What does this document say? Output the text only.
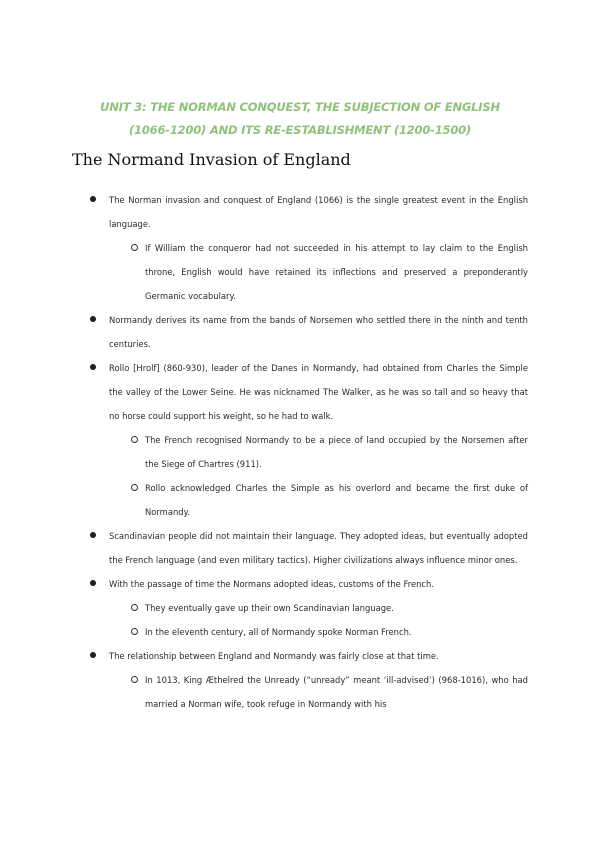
UNIT 3: THE NORMAN CONQUEST, THE SUBJECTION OF ENGLISH
(1066-1200) AND ITS RE-ESTABLISHMENT (1200-1500)
The Normand Invasion of England
The Norman invasion and conquest of England (1066) is the single greatest event in the English language.
If William the conqueror had not succeeded in his attempt to lay claim to the English throne, English would have retained its inflections and preserved a preponderantly Germanic vocabulary.
Normandy derives its name from the bands of Norsemen who settled there in the ninth and tenth centuries.
Rollo [Hrolf] (860-930), leader of the Danes in Normandy, had obtained from Charles the Simple the valley of the Lower Seine. He was nicknamed The Walker, as he was so tall and so heavy that no horse could support his weight, so he had to walk.
The French recognised Normandy to be a piece of land occupied by the Norsemen after the Siege of Chartres (911).
Rollo acknowledged Charles the Simple as his overlord and became the first duke of Normandy.
Scandinavian people did not maintain their language. They adopted ideas, but eventually adopted the French language (and even military tactics). Higher civilizations always influence minor ones.
With the passage of time the Normans adopted ideas, customs of the French.
They eventually gave up their own Scandinavian language.
In the eleventh century, all of Normandy spoke Norman French.
The relationship between England and Normandy was fairly close at that time.
In 1013, King Æthelred the Unready (“unready” meant ‘ill-advised’) (968-1016), who had married a Norman wife, took refuge in Normandy with his
